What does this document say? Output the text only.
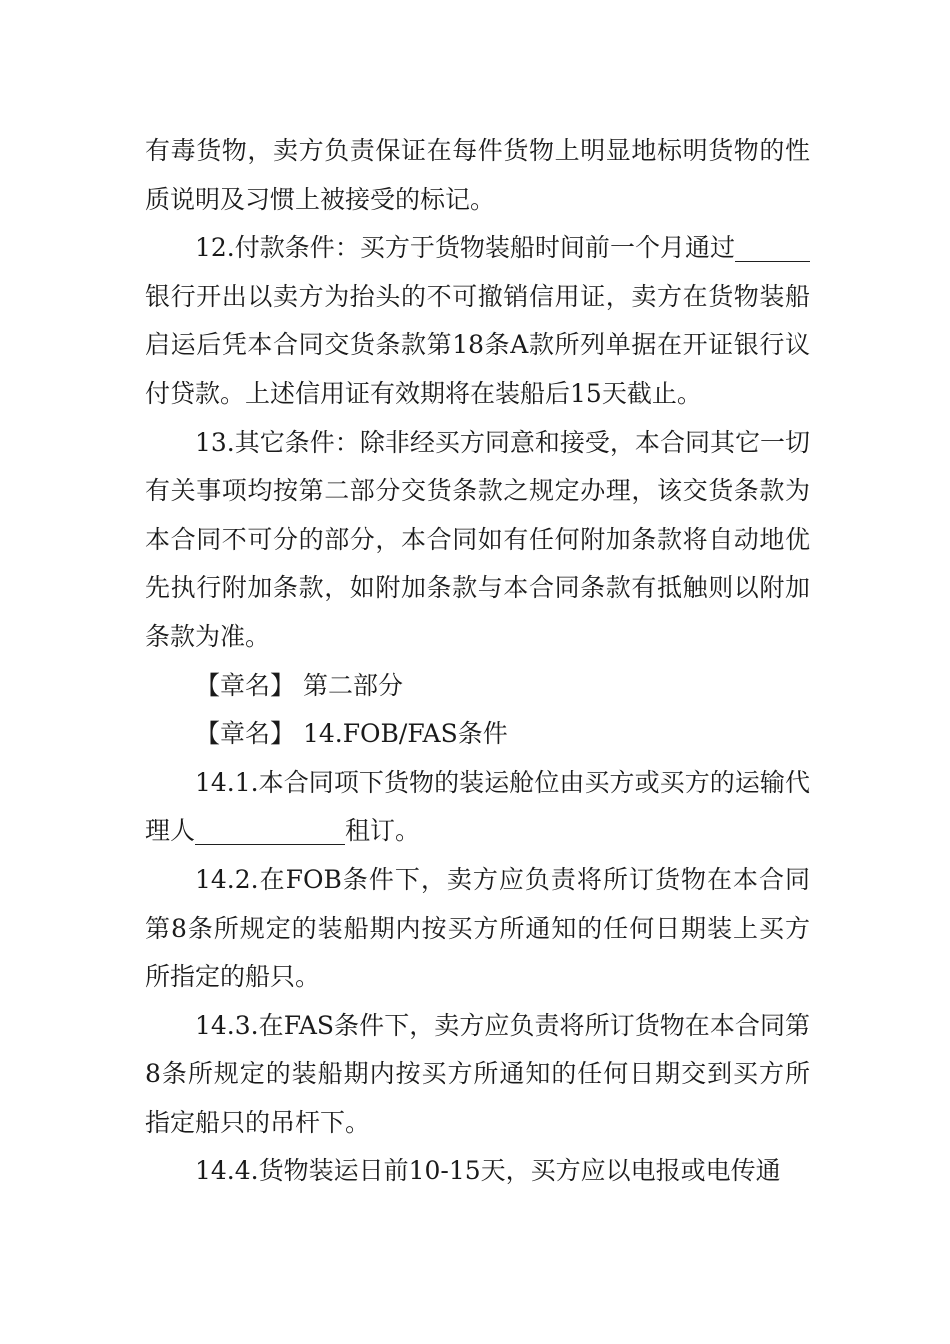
有毒货物，卖方负责保证在每件货物上明显地标明货物的性质说明及习惯上被接受的标记。

12.付款条件：买方于货物装船时间前一个月通过______银行开出以卖方为抬头的不可撤销信用证，卖方在货物装船启运后凭本合同交货条款第18条A款所列单据在开证银行议付贷款。上述信用证有效期将在装船后15天截止。

13.其它条件：除非经买方同意和接受，本合同其它一切有关事项均按第二部分交货条款之规定办理，该交货条款为本合同不可分的部分，本合同如有任何附加条款将自动地优先执行附加条款，如附加条款与本合同条款有抵触则以附加条款为准。

【章名】 第二部分

【章名】 14.FOB/FAS条件

14.1.本合同项下货物的装运舱位由买方或买方的运输代理人____________租订。

14.2.在FOB条件下，卖方应负责将所订货物在本合同第8条所规定的装船期内按买方所通知的任何日期装上买方所指定的船只。

14.3.在FAS条件下，卖方应负责将所订货物在本合同第8条所规定的装船期内按买方所通知的任何日期交到买方所指定船只的吊杆下。

14.4.货物装运日前10-15天，买方应以电报或电传通
